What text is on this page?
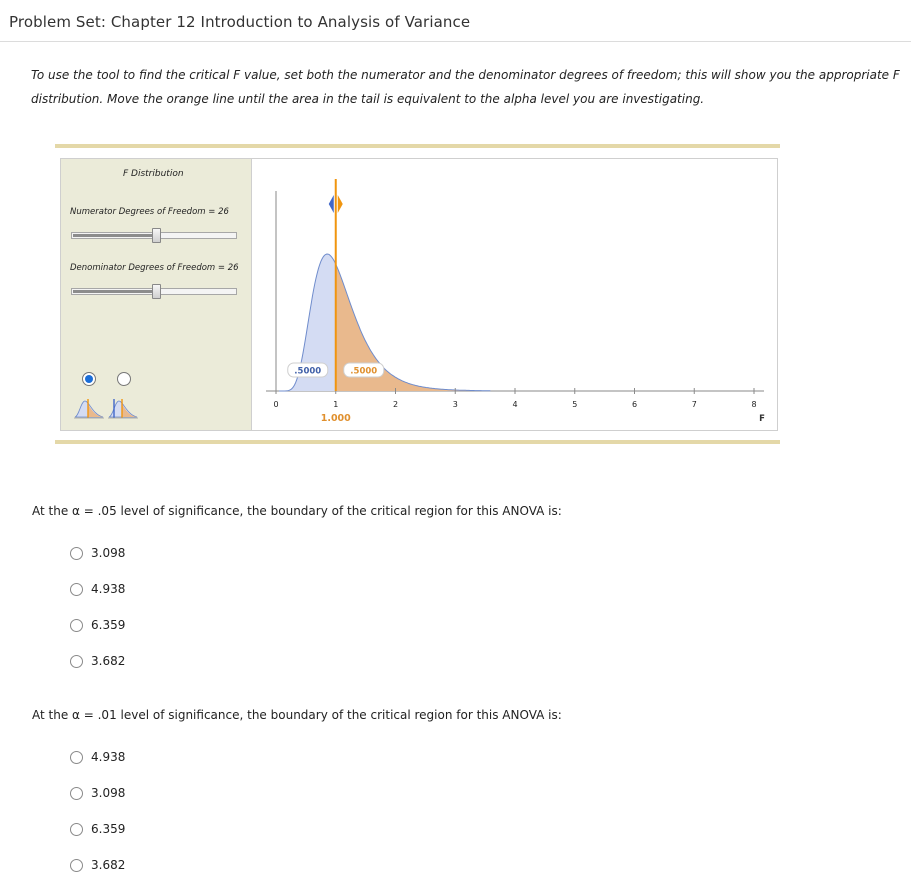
Problem Set: Chapter 12 Introduction to Analysis of Variance
To use the tool to find the critical F value, set both the numerator and the denominator degrees of freedom; this will show you the appropriate F distribution. Move the orange line until the area in the tail is equivalent to the alpha level you are investigating.
F Distribution
Numerator Degrees of Freedom = 26
Denominator Degrees of Freedom = 26
0	1	2	3	4	5	6	7	8
.5000	.5000
1.000	F
At the α = .05 level of significance, the boundary of the critical region for this ANOVA is:
3.098
4.938
6.359
3.682
At the α = .01 level of significance, the boundary of the critical region for this ANOVA is:
4.938
3.098
6.359
3.682
